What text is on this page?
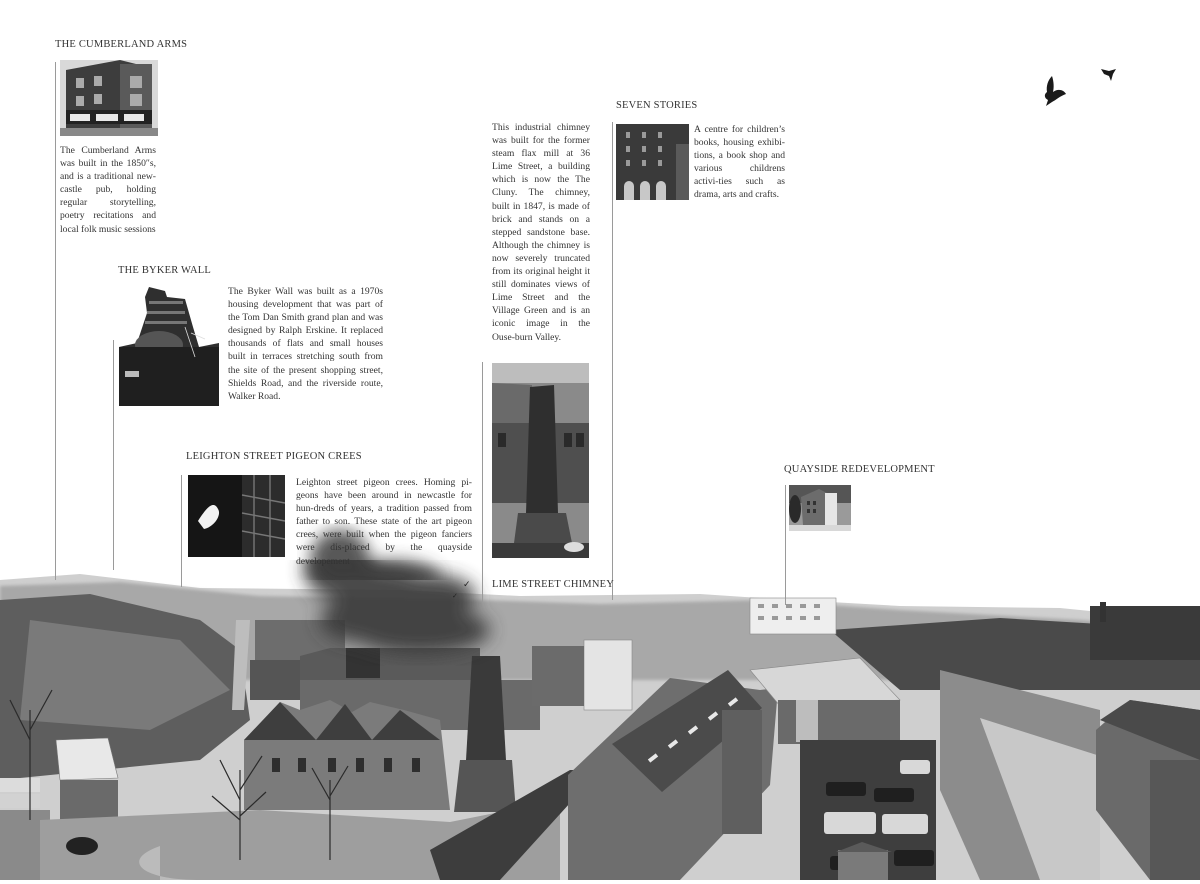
✓
✓
THE CUMBERLAND ARMS
The Cumberland Arms was built in the 1850″s, and is a traditional new-castle pub, holding regular storytelling, poetry recitations and local folk music sessions
THE BYKER WALL
The Byker Wall was built as a 1970s housing development that was part of the Tom Dan Smith grand plan and was designed by Ralph Erskine. It replaced thousands of flats and small houses built in terraces stretching south from the site of the present shopping street, Shields Road, and the riverside route, Walker Road.
LEIGHTON STREET PIGEON CREES
Leighton street pigeon crees. Homing pi-geons have been around in newcastle for hun-dreds of years, a tradition passed from father to son. These state of the art pigeon crees, were built when the pigeon fanciers were dis-placed by the quayside developement
This industrial chimney was built for the former steam flax mill at 36 Lime Street, a building which is now the The Cluny. The chimney, built in 1847, is made of brick and stands on a stepped sandstone base. Although the chimney is now severely truncated from its original height it still dominates views of Lime Street and the Village Green and is an iconic image in the Ouse-burn Valley.
LIME STREET CHIMNEY
SEVEN STORIES
A centre for children’s books, housing exhibi-tions, a book shop and various childrens activi-ties such as drama, arts and crafts.
QUAYSIDE REDEVELOPMENT
